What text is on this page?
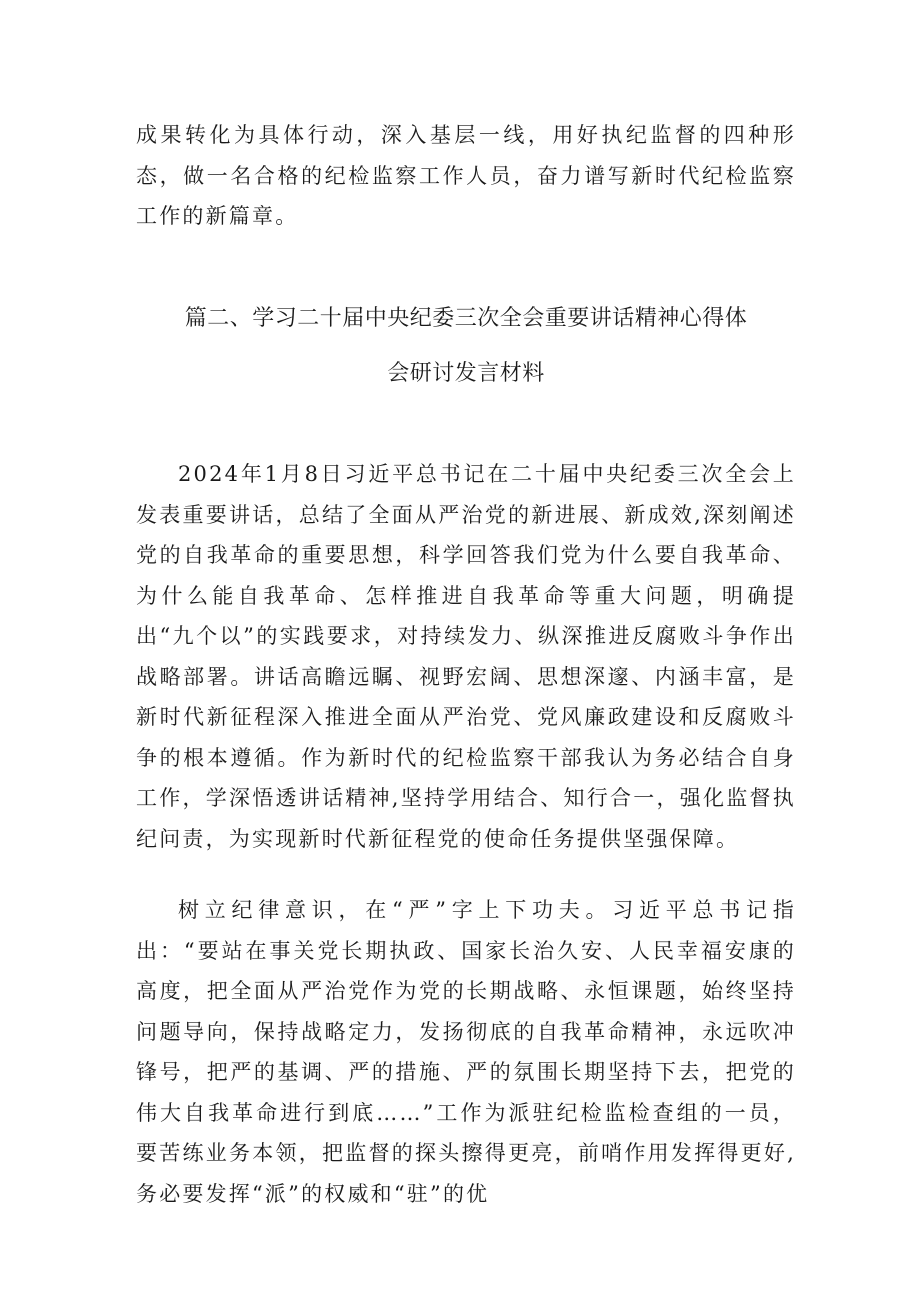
成果转化为具体行动，深入基层一线，用好执纪监督的四种形态，做一名合格的纪检监察工作人员，奋力谱写新时代纪检监察工作的新篇章。

篇二、学习二十届中央纪委三次全会重要讲话精神心得体
会研讨发言材料

2024年1月8日习近平总书记在二十届中央纪委三次全会上发表重要讲话，总结了全面从严治党的新进展、新成效,深刻阐述党的自我革命的重要思想，科学回答我们党为什么要自我革命、为什么能自我革命、怎样推进自我革命等重大问题，明确提出“九个以”的实践要求，对持续发力、纵深推进反腐败斗争作出战略部署。讲话高瞻远瞩、视野宏阔、思想深邃、内涵丰富，是新时代新征程深入推进全面从严治党、党风廉政建设和反腐败斗争的根本遵循。作为新时代的纪检监察干部我认为务必结合自身工作，学深悟透讲话精神,坚持学用结合、知行合一，强化监督执纪问责，为实现新时代新征程党的使命任务提供坚强保障。

树立纪律意识，在“严”字上下功夫。习近平总书记指出：“要站在事关党长期执政、国家长治久安、人民幸福安康的高度，把全面从严治党作为党的长期战略、永恒课题，始终坚持问题导向，保持战略定力，发扬彻底的自我革命精神，永远吹冲锋号，把严的基调、严的措施、严的氛围长期坚持下去，把党的伟大自我革命进行到底……”工作为派驻纪检监检查组的一员，要苦练业务本领，把监督的探头擦得更亮，前哨作用发挥得更好,务必要发挥“派”的权威和“驻”的优
